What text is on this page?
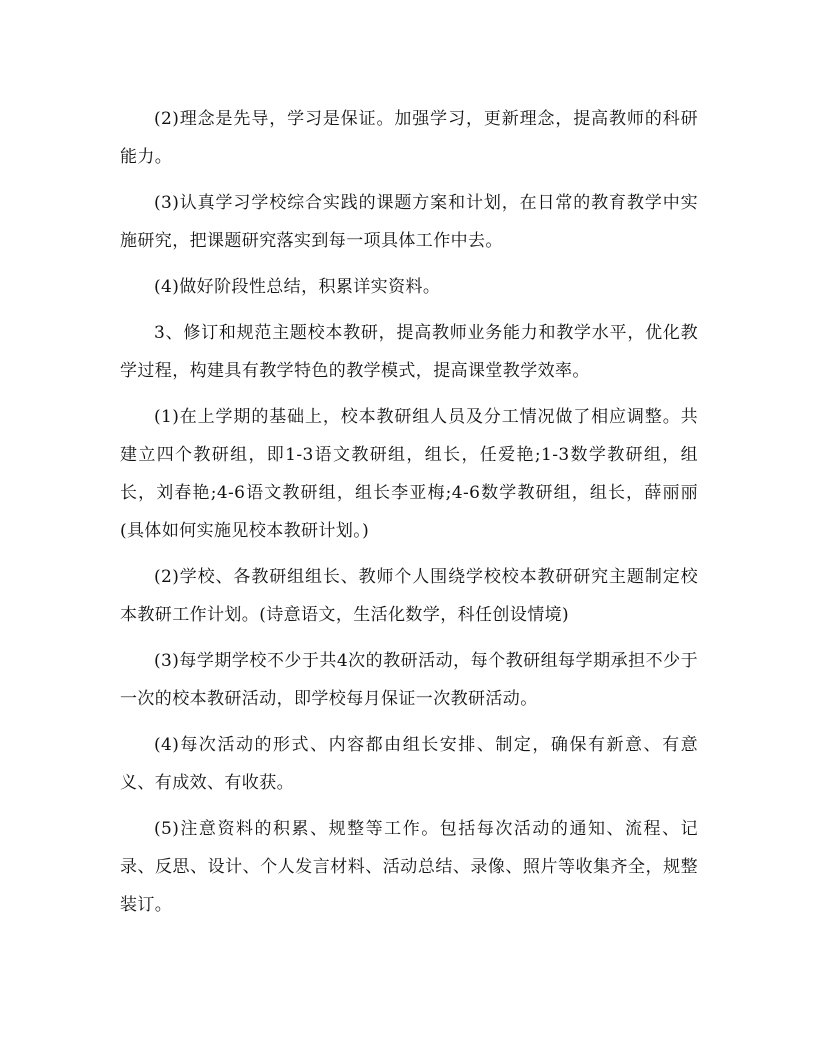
(2)理念是先导，学习是保证。加强学习，更新理念，提高教师的科研能力。

(3)认真学习学校综合实践的课题方案和计划，在日常的教育教学中实施研究，把课题研究落实到每一项具体工作中去。

(4)做好阶段性总结，积累详实资料。

3、修订和规范主题校本教研，提高教师业务能力和教学水平，优化教学过程，构建具有教学特色的教学模式，提高课堂教学效率。

(1)在上学期的基础上，校本教研组人员及分工情况做了相应调整。共建立四个教研组，即1-3语文教研组，组长，任爱艳;1-3数学教研组，组长，刘春艳;4-6语文教研组，组长李亚梅;4-6数学教研组，组长，薛丽丽(具体如何实施见校本教研计划。)

(2)学校、各教研组组长、教师个人围绕学校校本教研研究主题制定校本教研工作计划。(诗意语文，生活化数学，科任创设情境)

(3)每学期学校不少于共4次的教研活动，每个教研组每学期承担不少于一次的校本教研活动，即学校每月保证一次教研活动。

(4)每次活动的形式、内容都由组长安排、制定，确保有新意、有意义、有成效、有收获。

(5)注意资料的积累、规整等工作。包括每次活动的通知、流程、记录、反思、设计、个人发言材料、活动总结、录像、照片等收集齐全，规整装订。
